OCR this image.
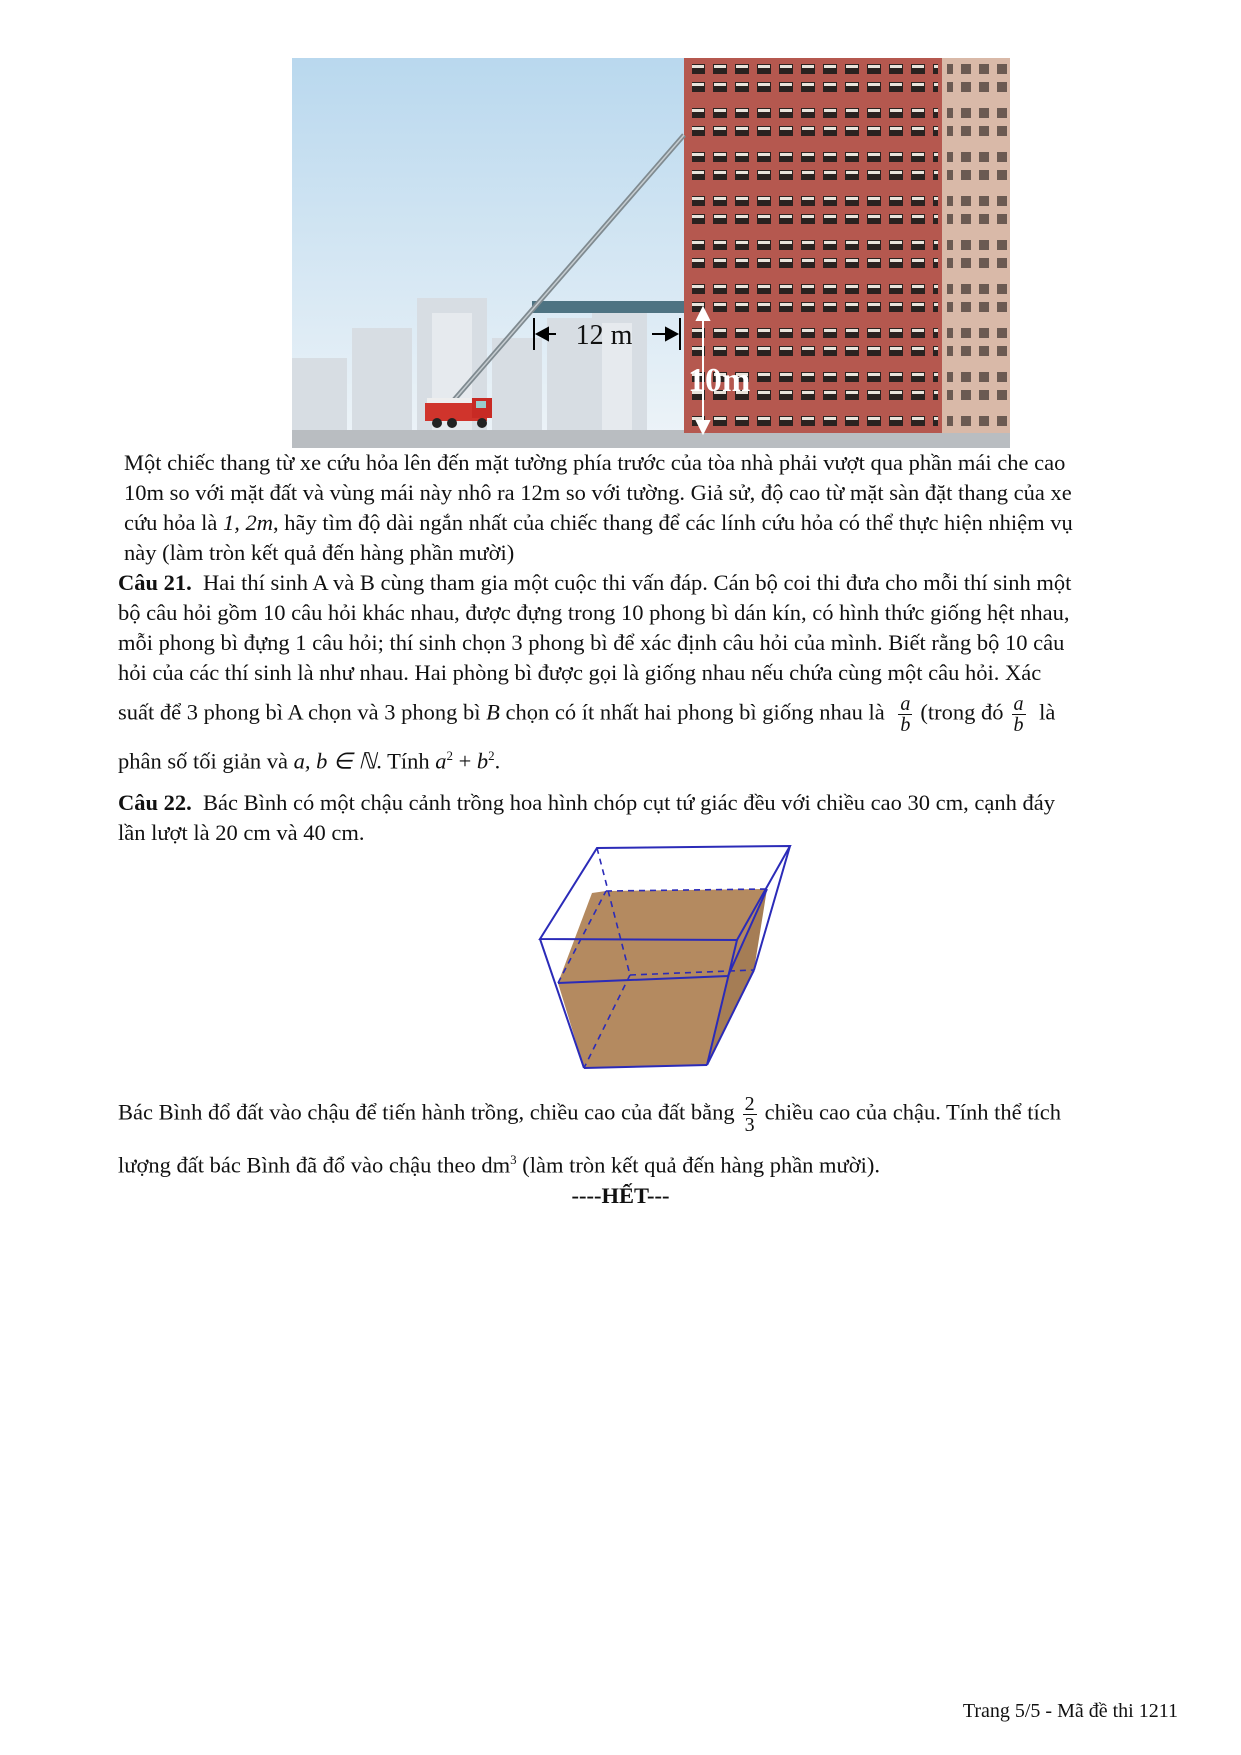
12 m
10m
Một chiếc thang từ xe cứu hỏa lên đến mặt tường phía trước của tòa nhà phải vượt qua phần mái che cao
10m so với mặt đất và vùng mái này nhô ra 12m so với tường. Giả sử, độ cao từ mặt sàn đặt thang của xe
cứu hỏa là 1, 2m, hãy tìm độ dài ngắn nhất của chiếc thang để các lính cứu hỏa có thể thực hiện nhiệm vụ
này (làm tròn kết quả đến hàng phần mười)
Câu 21. Hai thí sinh A và B cùng tham gia một cuộc thi vấn đáp. Cán bộ coi thi đưa cho mỗi thí sinh một
bộ câu hỏi gồm 10 câu hỏi khác nhau, được đựng trong 10 phong bì dán kín, có hình thức giống hệt nhau,
mỗi phong bì đựng 1 câu hỏi; thí sinh chọn 3 phong bì để xác định câu hỏi của mình. Biết rằng bộ 10 câu
hỏi của các thí sinh là như nhau. Hai phòng bì được gọi là giống nhau nếu chứa cùng một câu hỏi. Xác
suất để 3 phong bì A chọn và 3 phong bì B chọn có ít nhất hai phong bì giống nhau là $\frac{a}{b}$ (trong đó $\frac{a}{b}$ là
phân số tối giản và a, b ∈ ℕ. Tính $a^2 + b^2$.
Câu 22. Bác Bình có một chậu cảnh trồng hoa hình chóp cụt tứ giác đều với chiều cao 30 cm, cạnh đáy
lần lượt là 20 cm và 40 cm.
Bác Bình đổ đất vào chậu để tiến hành trồng, chiều cao của đất bằng $\frac{2}{3}$ chiều cao của chậu. Tính thể tích
lượng đất bác Bình đã đổ vào chậu theo $dm^3$ (làm tròn kết quả đến hàng phần mười).
----HẾT---
Trang 5/5 - Mã đề thi 1211
